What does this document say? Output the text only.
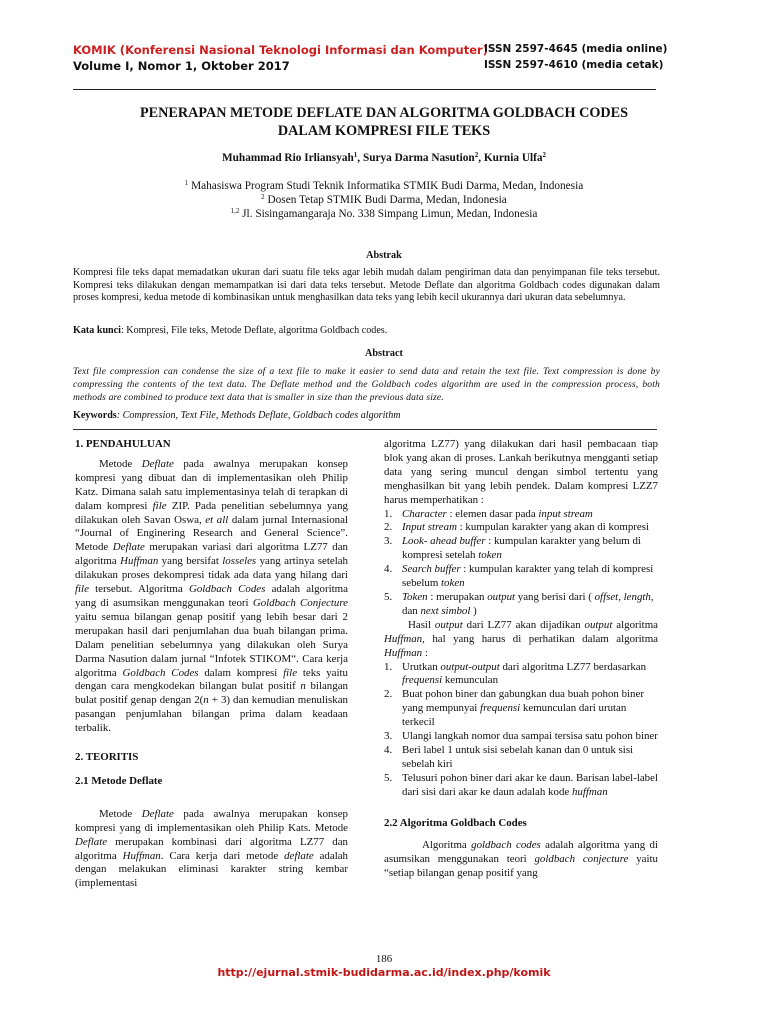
KOMIK (Konferensi Nasional Teknologi Informasi dan Komputer)
Volume I, Nomor 1, Oktober 2017
ISSN 2597-4645 (media online)
ISSN 2597-4610 (media cetak)
PENERAPAN METODE DEFLATE DAN ALGORITMA GOLDBACH CODES
DALAM KOMPRESI FILE TEKS
Muhammad Rio Irliansyah$^1$, Surya Darma Nasution$^2$, Kurnia Ulfa$^2$
$^1$ Mahasiswa Program Studi Teknik Informatika STMIK Budi Darma, Medan, Indonesia
$^2$ Dosen Tetap STMIK Budi Darma, Medan, Indonesia
$^{1,2}$ Jl. Sisingamangaraja No. 338 Simpang Limun, Medan, Indonesia
Abstrak
Kompresi file teks dapat memadatkan ukuran dari suatu file teks agar lebih mudah dalam pengiriman data dan penyimpanan file teks tersebut. Kompresi teks dilakukan dengan memampatkan isi dari data teks tersebut. Metode Deflate dan algoritma Goldbach codes digunakan dalam proses kompresi, kedua metode di kombinasikan untuk menghasilkan data teks yang lebih kecil ukurannya dari ukuran data sebelumnya.
Kata kunci: Kompresi, File teks, Metode Deflate, algoritma Goldbach codes.
Abstract
Text file compression can condense the size of a text file to make it easier to send data and retain the text file. Text compression is done by compressing the contents of the text data. The Deflate method and the Goldbach codes algorithm are used in the compression process, both methods are combined to produce text data that is smaller in size than the previous data size.
Keywords: Compression, Text File, Methods Deflate, Goldbach codes algorithm

1. PENDAHULUAN

Metode Deflate pada awalnya merupakan konsep kompresi yang dibuat dan di implementasikan oleh Philip Katz. Dimana salah satu implementasinya telah di terapkan di dalam kompresi file ZIP. Pada penelitian sebelumnya yang dilakukan oleh Savan Oswa, et all dalam jurnal Internasional “Journal of Enginering Research and General Science”. Metode Deflate merupakan variasi dari algoritma LZ77 dan algoritma Huffman yang bersifat losseles yang artinya setelah dilakukan proses dekompresi tidak ada data yang hilang dari file tersebut. Algoritma Goldbach Codes adalah algoritma yang di asumsikan menggunakan teori Goldbach Conjecture yaitu semua bilangan genap positif yang lebih besar dari 2 merupakan hasil dari penjumlahan dua buah bilangan prima. Dalam penelitian sebelumnya yang dilakukan oleh Surya Darma Nasution dalam jurnal “Infotek STIKOM“. Cara kerja algoritma Goldbach Codes dalam kompresi file teks yaitu dengan cara mengkodekan bilangan bulat positif n bilangan bulat positif genap dengan 2(n + 3) dan kemudian menuliskan pasangan penjumlahan bilangan prima dalam keadaan terbalik.

2. TEORITIS

2.1 Metode Deflate

Metode Deflate pada awalnya merupakan konsep kompresi yang di implementasikan oleh Philip Kats. Metode Deflate merupakan kombinasi dari algoritma LZ77 dan algoritma Huffman. Cara kerja dari metode deflate adalah dengan melakukan eliminasi karakter string kembar (implementasi

algoritma LZ77) yang dilakukan dari hasil pembacaan tiap blok yang akan di proses. Lankah berikutnya mengganti setiap data yang sering muncul dengan simbol tertentu yang menghasilkan bit yang lebih pendek. Dalam kompresi LZZ7 harus memperhatikan :

1. Character : elemen dasar pada input stream
2. Input stream : kumpulan karakter yang akan di kompresi
3. Look- ahead buffer : kumpulan karakter yang belum di kompresi setelah token
4. Search buffer : kumpulan karakter yang telah di kompresi sebelum token
5. Token : merupakan output yang berisi dari ( offset, length, dan next simbol )

Hasil output dari LZ77 akan dijadikan output algoritma Huffman, hal yang harus di perhatikan dalam algoritma Huffman :

1. Urutkan output-output dari algoritma LZ77 berdasarkan frequensi kemunculan
2. Buat pohon biner dan gabungkan dua buah pohon biner yang mempunyai frequensi kemunculan dari urutan terkecil
3. Ulangi langkah nomor dua sampai tersisa satu pohon biner
4. Beri label 1 untuk sisi sebelah kanan dan 0 untuk sisi sebelah kiri
5. Telusuri pohon biner dari akar ke daun. Barisan label-label dari sisi dari akar ke daun adalah kode huffman

2.2 Algoritma Goldbach Codes

Algoritma goldbach codes adalah algoritma yang di asumsikan menggunakan teori goldbach conjecture yaitu “setiap bilangan genap positif yang

186
http://ejurnal.stmik-budidarma.ac.id/index.php/komik
